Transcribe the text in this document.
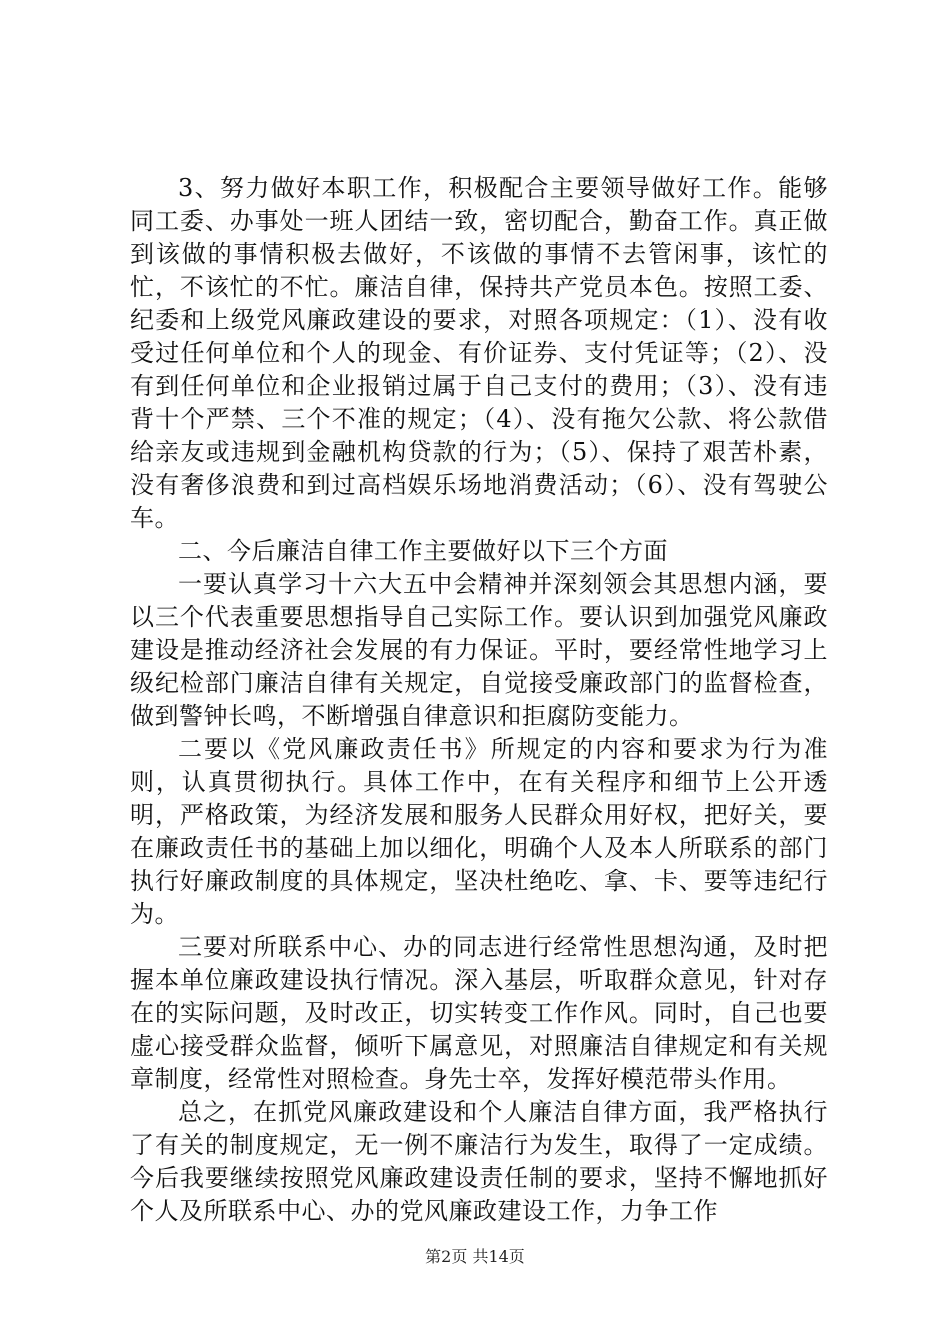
3、努力做好本职工作，积极配合主要领导做好工作。能够同工委、办事处一班人团结一致，密切配合，勤奋工作。真正做到该做的事情积极去做好，不该做的事情不去管闲事，该忙的忙，不该忙的不忙。廉洁自律，保持共产党员本色。按照工委、纪委和上级党风廉政建设的要求，对照各项规定：（1）、没有收受过任何单位和个人的现金、有价证券、支付凭证等；（2）、没有到任何单位和企业报销过属于自己支付的费用；（3）、没有违背十个严禁、三个不准的规定；（4）、没有拖欠公款、将公款借给亲友或违规到金融机构贷款的行为；（5）、保持了艰苦朴素，没有奢侈浪费和到过高档娱乐场地消费活动；（6）、没有驾驶公车。

二、今后廉洁自律工作主要做好以下三个方面

一要认真学习十六大五中会精神并深刻领会其思想内涵，要以三个代表重要思想指导自己实际工作。要认识到加强党风廉政建设是推动经济社会发展的有力保证。平时，要经常性地学习上级纪检部门廉洁自律有关规定，自觉接受廉政部门的监督检查，做到警钟长鸣，不断增强自律意识和拒腐防变能力。

二要以《党风廉政责任书》所规定的内容和要求为行为准则，认真贯彻执行。具体工作中，在有关程序和细节上公开透明，严格政策，为经济发展和服务人民群众用好权，把好关，要在廉政责任书的基础上加以细化，明确个人及本人所联系的部门执行好廉政制度的具体规定，坚决杜绝吃、拿、卡、要等违纪行为。

三要对所联系中心、办的同志进行经常性思想沟通，及时把握本单位廉政建设执行情况。深入基层，听取群众意见，针对存在的实际问题，及时改正，切实转变工作作风。同时，自己也要虚心接受群众监督，倾听下属意见，对照廉洁自律规定和有关规章制度，经常性对照检查。身先士卒，发挥好模范带头作用。

总之，在抓党风廉政建设和个人廉洁自律方面，我严格执行了有关的制度规定，无一例不廉洁行为发生，取得了一定成绩。今后我要继续按照党风廉政建设责任制的要求，坚持不懈地抓好个人及所联系中心、办的党风廉政建设工作，力争工作

第2页 共14页
